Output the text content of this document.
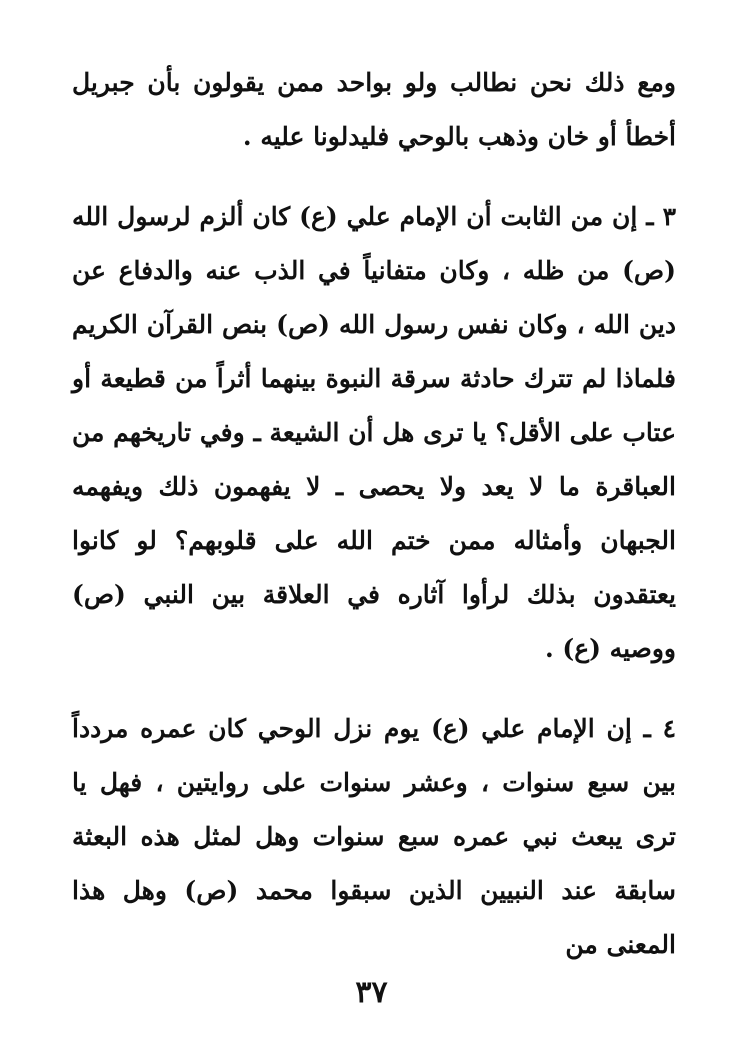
ومع ذلك نحن نطالب ولو بواحد ممن يقولون بأن جبريل أخطأ أو خان وذهب بالوحي فليدلونا عليه .

٣ ـ إن من الثابت أن الإمام علي (ع) كان ألزم لرسول الله (ص) من ظله ، وكان متفانياً في الذب عنه والدفاع عن دين الله ، وكان نفس رسول الله (ص) بنص القرآن الكريم فلماذا لم تترك حادثة سرقة النبوة بينهما أثراً من قطيعة أو عتاب على الأقل؟ يا ترى هل أن الشيعة ـ وفي تاريخهم من العباقرة ما لا يعد ولا يحصى ـ لا يفهمون ذلك ويفهمه الجبهان وأمثاله ممن ختم الله على قلوبهم؟ لو كانوا يعتقدون بذلك لرأوا آثاره في العلاقة بين النبي (ص) ووصيه (ع) .

٤ ـ إن الإمام علي (ع) يوم نزل الوحي كان عمره مردداً بين سبع سنوات ، وعشر سنوات على روايتين ، فهل يا ترى يبعث نبي عمره سبع سنوات وهل لمثل هذه البعثة سابقة عند النبيين الذين سبقوا محمد (ص) وهل هذا المعنى من

٣٧
